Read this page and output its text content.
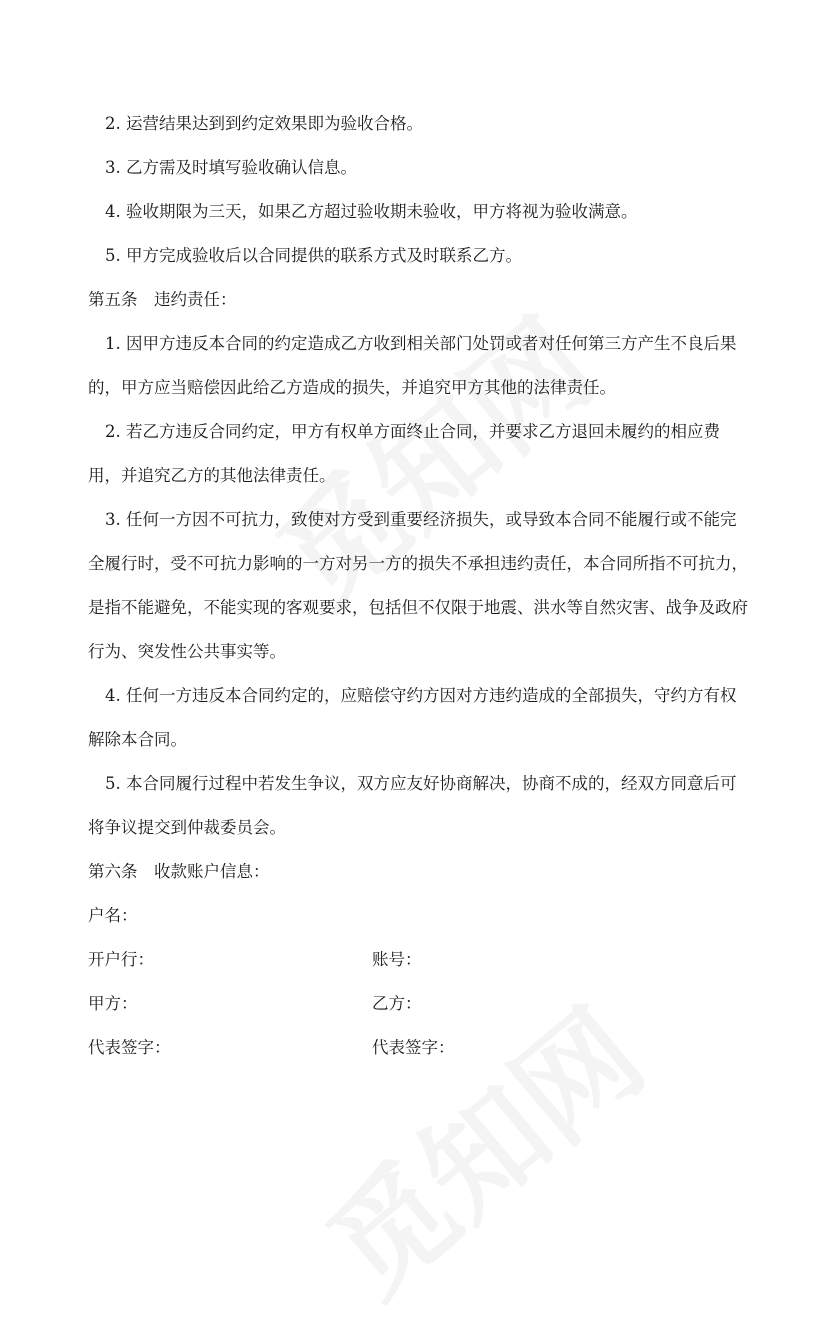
2. 运营结果达到到约定效果即为验收合格。
3. 乙方需及时填写验收确认信息。
4. 验收期限为三天，如果乙方超过验收期未验收，甲方将视为验收满意。
5. 甲方完成验收后以合同提供的联系方式及时联系乙方。
第五条　违约责任：
1. 因甲方违反本合同的约定造成乙方收到相关部门处罚或者对任何第三方产生不良后果
的，甲方应当赔偿因此给乙方造成的损失，并追究甲方其他的法律责任。
2. 若乙方违反合同约定，甲方有权单方面终止合同，并要求乙方退回未履约的相应费
用，并追究乙方的其他法律责任。
3. 任何一方因不可抗力，致使对方受到重要经济损失，或导致本合同不能履行或不能完
全履行时，受不可抗力影响的一方对另一方的损失不承担违约责任，本合同所指不可抗力，
是指不能避免，不能实现的客观要求，包括但不仅限于地震、洪水等自然灾害、战争及政府
行为、突发性公共事实等。
4. 任何一方违反本合同约定的，应赔偿守约方因对方违约造成的全部损失，守约方有权
解除本合同。
5. 本合同履行过程中若发生争议，双方应友好协商解决，协商不成的，经双方同意后可
将争议提交到仲裁委员会。
第六条　收款账户信息：
户名：
开户行：	账号：
甲方：	乙方：
代表签字：	代表签字：
